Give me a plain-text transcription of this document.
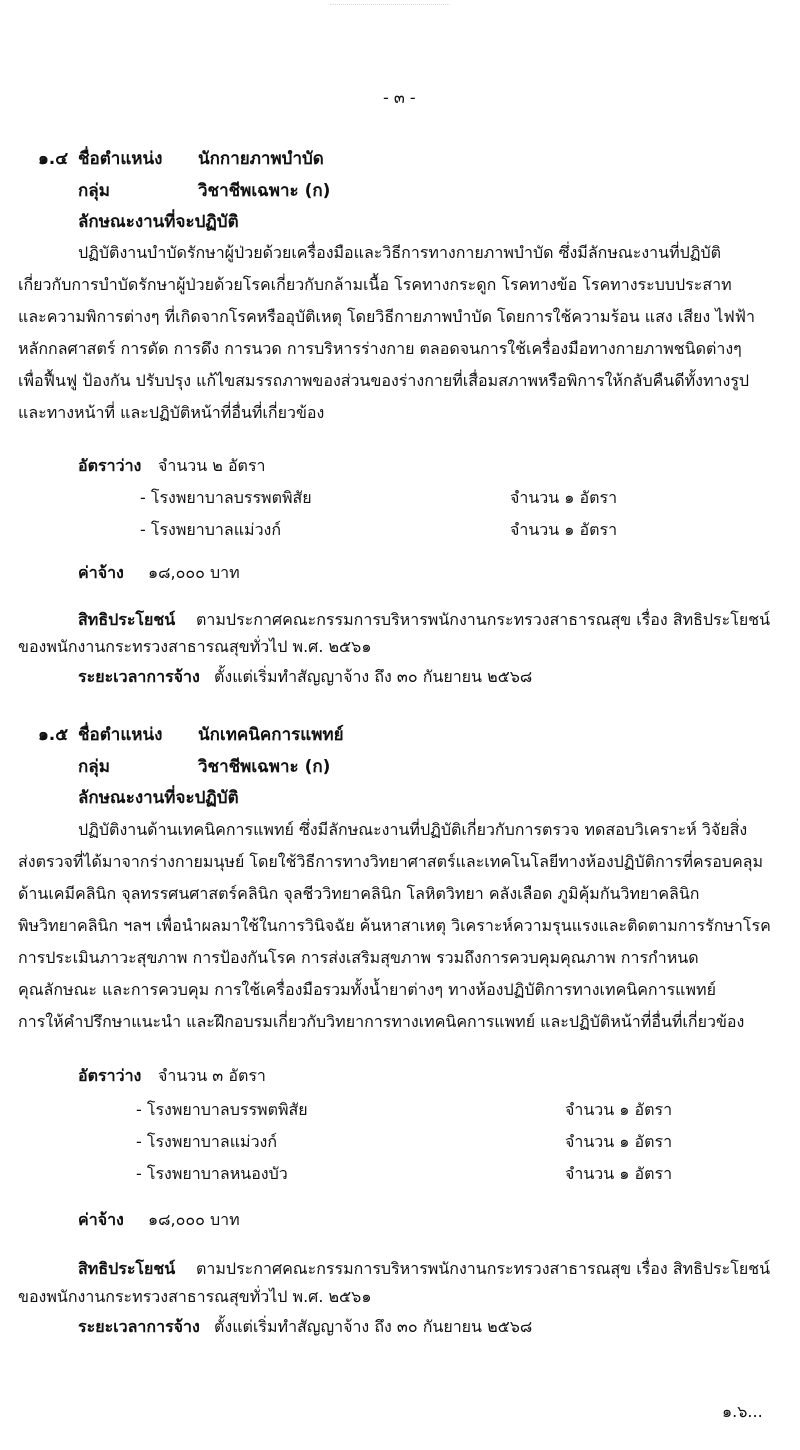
- ๓ -
๑.๔ ชื่อตำแหน่ง นักกายภาพบำบัด
กลุ่ม	วิชาชีพเฉพาะ (ก)
ลักษณะงานที่จะปฏิบัติ
ปฏิบัติงานบำบัดรักษาผู้ป่วยด้วยเครื่องมือและวิธีการทางกายภาพบำบัด ซึ่งมีลักษณะงานที่ปฏิบัติ
เกี่ยวกับการบำบัดรักษาผู้ป่วยด้วยโรคเกี่ยวกับกล้ามเนื้อ โรคทางกระดูก โรคทางข้อ โรคทางระบบประสาท
และความพิการต่างๆ ที่เกิดจากโรคหรืออุบัติเหตุ โดยวิธีกายภาพบำบัด โดยการใช้ความร้อน แสง เสียง ไฟฟ้า
หลักกลศาสตร์ การดัด การดึง การนวด การบริหารร่างกาย ตลอดจนการใช้เครื่องมือทางกายภาพชนิดต่างๆ
เพื่อฟื้นฟู ป้องกัน ปรับปรุง แก้ไขสมรรถภาพของส่วนของร่างกายที่เสื่อมสภาพหรือพิการให้กลับคืนดีทั้งทางรูป
และทางหน้าที่ และปฏิบัติหน้าที่อื่นที่เกี่ยวข้อง
อัตราว่าง จำนวน ๒ อัตรา
- โรงพยาบาลบรรพตพิสัย	จำนวน ๑ อัตรา
- โรงพยาบาลแม่วงก์	จำนวน ๑ อัตรา
ค่าจ้าง ๑๘,๐๐๐ บาท
สิทธิประโยชน์ ตามประกาศคณะกรรมการบริหารพนักงานกระทรวงสาธารณสุข เรื่อง สิทธิประโยชน์
ของพนักงานกระทรวงสาธารณสุขทั่วไป พ.ศ. ๒๕๖๑
ระยะเวลาการจ้าง ตั้งแต่เริ่มทำสัญญาจ้าง ถึง ๓๐ กันยายน ๒๕๖๘
๑.๕ ชื่อตำแหน่ง นักเทคนิคการแพทย์
กลุ่ม	วิชาชีพเฉพาะ (ก)
ลักษณะงานที่จะปฏิบัติ
ปฏิบัติงานด้านเทคนิคการแพทย์ ซึ่งมีลักษณะงานที่ปฏิบัติเกี่ยวกับการตรวจ ทดสอบวิเคราะห์ วิจัยสิ่ง
ส่งตรวจที่ได้มาจากร่างกายมนุษย์ โดยใช้วิธีการทางวิทยาศาสตร์และเทคโนโลยีทางห้องปฏิบัติการที่ครอบคลุม
ด้านเคมีคลินิก จุลทรรศนศาสตร์คลินิก จุลชีววิทยาคลินิก โลหิตวิทยา คลังเลือด ภูมิคุ้มกันวิทยาคลินิก
พิษวิทยาคลินิก ฯลฯ เพื่อนำผลมาใช้ในการวินิจฉัย ค้นหาสาเหตุ วิเคราะห์ความรุนแรงและติดตามการรักษาโรค
การประเมินภาวะสุขภาพ การป้องกันโรค การส่งเสริมสุขภาพ รวมถึงการควบคุมคุณภาพ การกำหนด
คุณลักษณะ และการควบคุม การใช้เครื่องมือรวมทั้งน้ำยาต่างๆ ทางห้องปฏิบัติการทางเทคนิคการแพทย์
การให้คำปรึกษาแนะนำ และฝึกอบรมเกี่ยวกับวิทยาการทางเทคนิคการแพทย์ และปฏิบัติหน้าที่อื่นที่เกี่ยวข้อง
อัตราว่าง จำนวน ๓ อัตรา
- โรงพยาบาลบรรพตพิสัย	จำนวน ๑ อัตรา
- โรงพยาบาลแม่วงก์	จำนวน ๑ อัตรา
- โรงพยาบาลหนองบัว	จำนวน ๑ อัตรา
ค่าจ้าง ๑๘,๐๐๐ บาท
สิทธิประโยชน์ ตามประกาศคณะกรรมการบริหารพนักงานกระทรวงสาธารณสุข เรื่อง สิทธิประโยชน์
ของพนักงานกระทรวงสาธารณสุขทั่วไป พ.ศ. ๒๕๖๑
ระยะเวลาการจ้าง ตั้งแต่เริ่มทำสัญญาจ้าง ถึง ๓๐ กันยายน ๒๕๖๘
๑.๖...
